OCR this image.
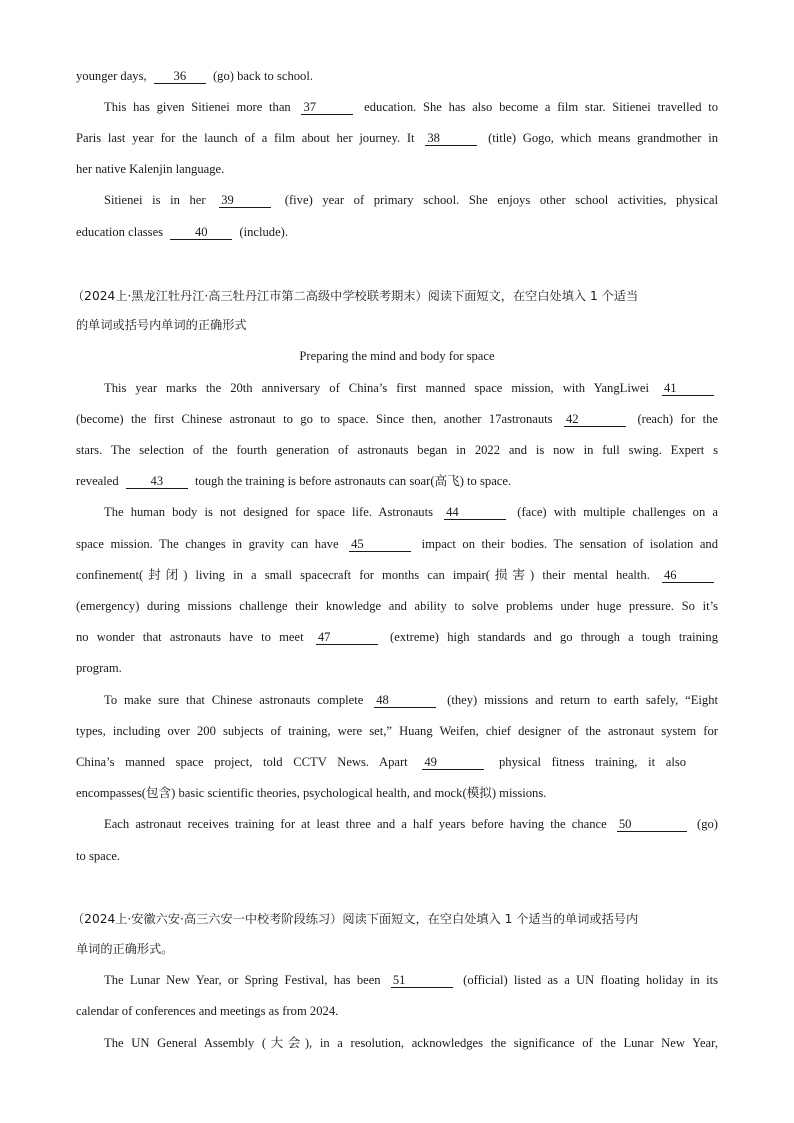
younger days, 36 (go) back to school.
This has given Sitienei more than 37	education. She has also become a film star. Sitienei travelled to
Paris last year for the launch of a film about her journey. It 38	(title) Gogo, which means grandmother in
her native Kalenjin language.
Sitienei is in her 39	(five) year of primary school. She enjoys other school activities, physical
education classes	40	(include).
（2024上·黑龙江牡丹江·高三牡丹江市第二高级中学校联考期末）阅读下面短文，在空白处填入 1 个适当
的单词或括号内单词的正确形式
Preparing the mind and body for space
This year marks the 20th anniversary of China’s first manned space mission, with YangLiwei 41
(become) the first Chinese astronaut to go to space. Since then, another 17astronauts 42	(reach) for the
stars. The selection of the fourth generation of astronauts began in 2022 and is now in full swing. Expert s
revealed	43	tough the training is before astronauts can soar(高飞) to space.
The human body is not designed for space life. Astronauts 44	(face) with multiple challenges on a
space mission. The changes in gravity can have 45	impact on their bodies. The sensation of isolation and
confinement(封闭) living in a small spacecraft for months can impair(损害) their mental health. 46
(emergency) during missions challenge their knowledge and ability to solve problems under huge pressure. So it’s
no wonder that astronauts have to meet 47	(extreme) high standards and go through a tough training
program.
To make sure that Chinese astronauts complete 48	(they) missions and return to earth safely, “Eight
types, including over 200 subjects of training, were set,” Huang Weifen, chief designer of the astronaut system for
China’s manned space project, told CCTV News. Apart 49	physical fitness training, it also
encompasses(包含) basic scientific theories, psychological health, and mock(模拟) missions.
Each astronaut receives training for at least three and a half years before having the chance 50	(go)
to space.
（2024上·安徽六安·高三六安一中校考阶段练习）阅读下面短文，在空白处填入 1 个适当的单词或括号内
单词的正确形式。
The Lunar New Year, or Spring Festival, has been 51	(official) listed as a UN floating holiday in its
calendar of conferences and meetings as from 2024.
The UN General Assembly (大会), in a resolution, acknowledges the significance of the Lunar New Year,
